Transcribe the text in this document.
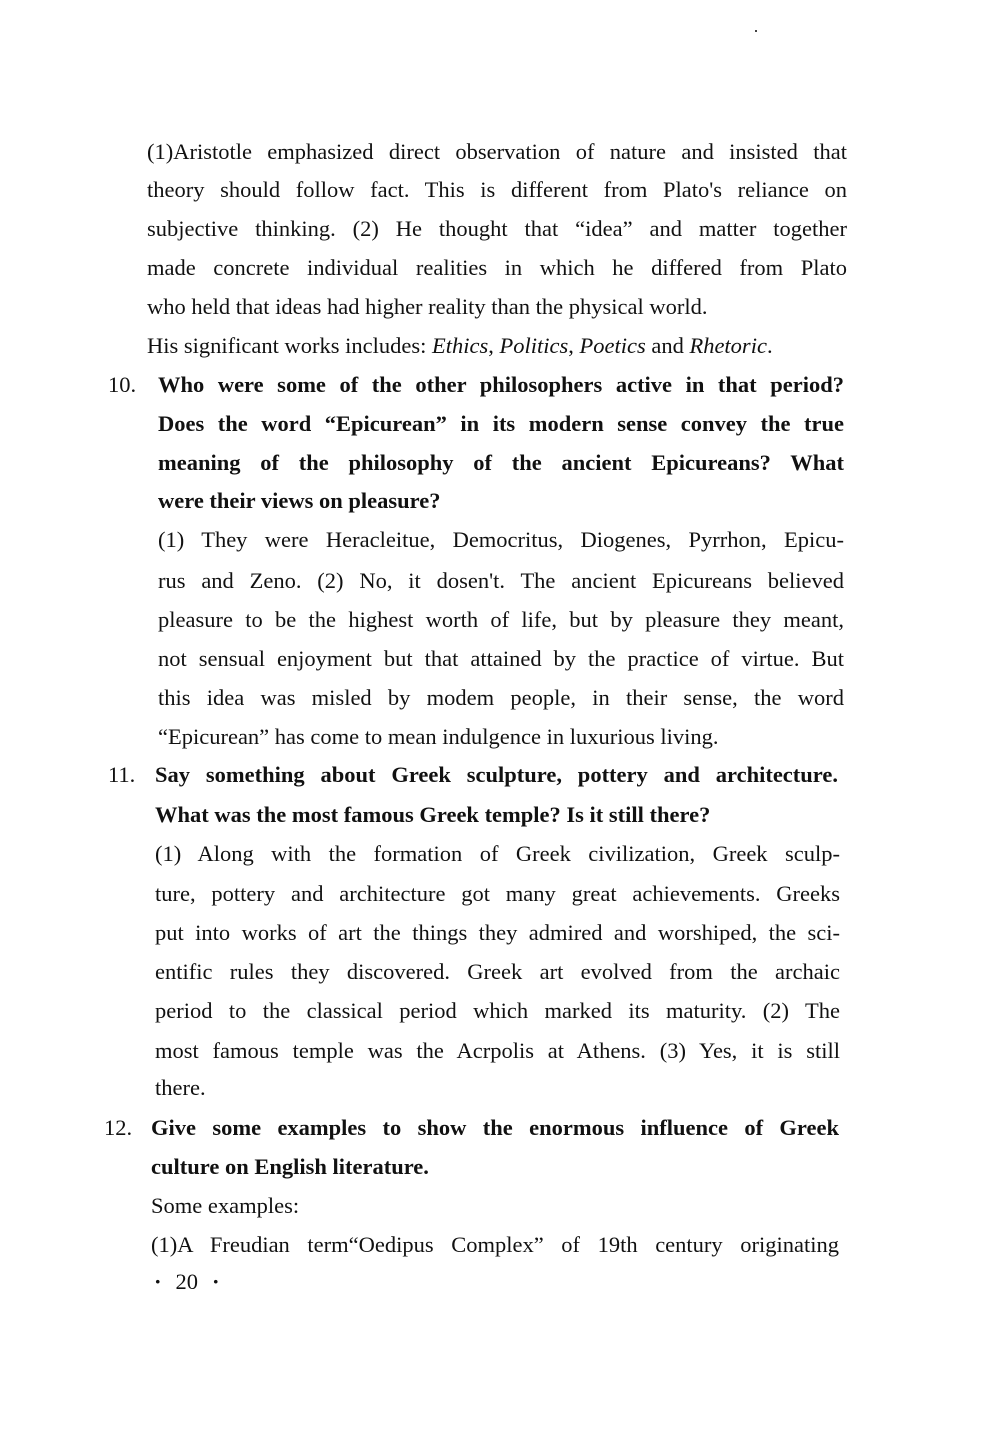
(1)Aristotle emphasized direct observation of nature and insisted that
theory should follow fact. This is different from Plato's reliance on
subjective thinking. (2) He thought that “idea” and matter together
made concrete individual realities in which he differed from Plato
who held that ideas had higher reality than the physical world.
His significant works includes: Ethics, Politics, Poetics and Rhetoric.
10. Who were some of the other philosophers active in that period?
Does the word “Epicurean” in its modern sense convey the true
meaning of the philosophy of the ancient Epicureans? What
were their views on pleasure?
(1) They were Heracleitue, Democritus, Diogenes, Pyrrhon, Epicu-
rus and Zeno. (2) No, it dosen't. The ancient Epicureans believed
pleasure to be the highest worth of life, but by pleasure they meant,
not sensual enjoyment but that attained by the practice of virtue. But
this idea was misled by modem people, in their sense, the word
“Epicurean” has come to mean indulgence in luxurious living.
11. Say something about Greek sculpture, pottery and architecture.
What was the most famous Greek temple? Is it still there?
(1) Along with the formation of Greek civilization, Greek sculp-
ture, pottery and architecture got many great achievements. Greeks
put into works of art the things they admired and worshiped, the sci-
entific rules they discovered. Greek art evolved from the archaic
period to the classical period which marked its maturity. (2) The
most famous temple was the Acrpolis at Athens. (3) Yes, it is still
there.
12. Give some examples to show the enormous influence of Greek
culture on English literature.
Some examples:
(1)A Freudian term“Oedipus Complex” of 19th century originating
· 20 ·
